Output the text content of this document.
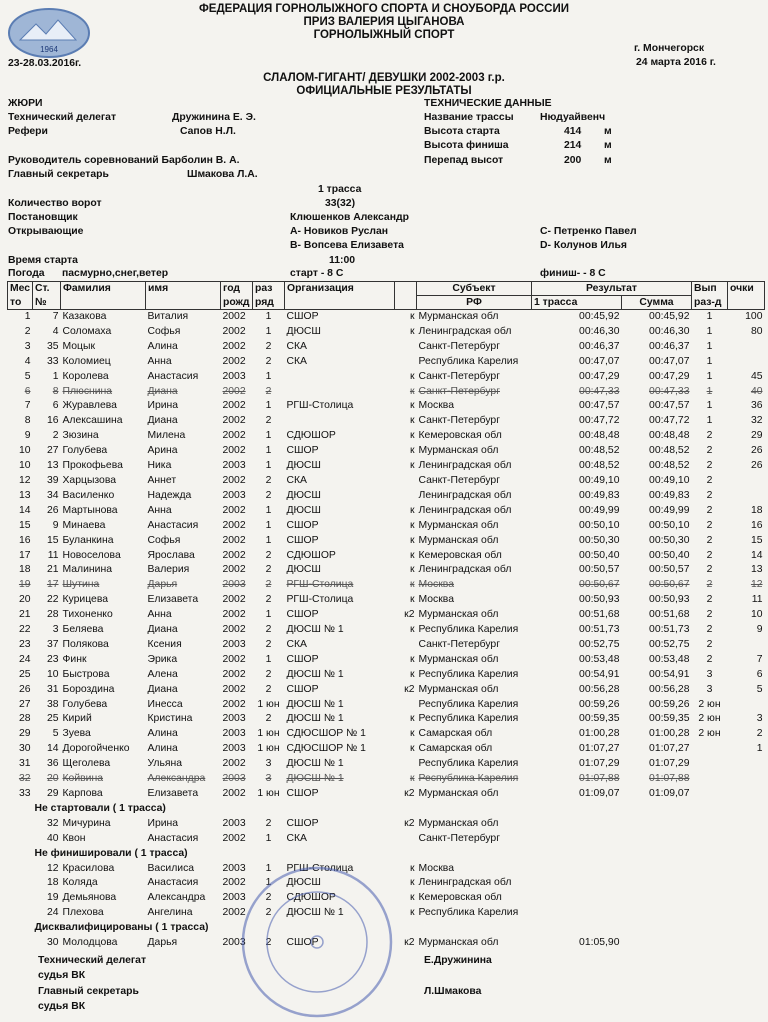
1964
ФЕДЕРАЦИЯ ГОРНОЛЫЖНОГО СПОРТА И СНОУБОРДА РОССИИ
ПРИЗ ВАЛЕРИЯ ЦЫГАНОВА
ГОРНОЛЫЖНЫЙ СПОРТ
23-28.03.2016г.
г. Мончегорск
24 марта 2016 г.
СЛАЛОМ-ГИГАНТ/ ДЕВУШКИ 2002-2003 г.р.
ОФИЦИАЛЬНЫЕ РЕЗУЛЬТАТЫ
ЖЮРИ
Технический делегат	Дружинина Е. Э.
Рефери	Сапов Н.Л.
Руководитель соревнований Барболин В. А.
Главный секретарь	Шмакова Л.А.
ТЕХНИЧЕСКИЕ ДАННЫЕ
Название трассы	Нюдуайвенч
Высота старта	414 м
Высота финиша	214 м
Перепад высот	200 м
1 трасса
Количество ворот	33(32)
Постановщик	Клюшенков Александр
Открывающие	А- Новиков Руслан	С- Петренко Павел
В- Вопсева Елизавета	D- Колунов Илья
Время старта	11:00
Погода пасмурно,снег,ветер	старт - 8 С	финиш- - 8 С
Мес	Ст.	Фамилия	имя	год	раз	Организация		Субъект	Результат		Вып	очки
то	№			рожд	ряд			РФ	1 трасса	Сумма	раз-д	
1	7	Казакова	Виталия	2002	1	СШОР	к	Мурманская обл	00:45,92	00:45,92	1	100
2	4	Соломаха	Софья	2002	1	ДЮСШ	к	Ленинградская обл	00:46,30	00:46,30	1	80
3	35	Моцык	Алина	2002	2	СКА		Санкт-Петербург	00:46,37	00:46,37	1	
4	33	Коломиец	Анна	2002	2	СКА		Республика Карелия	00:47,07	00:47,07	1	
5	1	Королева	Анастасия	2003	1		к	Санкт-Петербург	00:47,29	00:47,29	1	45
6	8	Плюснина	Диана	2002	2		к	Санкт-Петербург	00:47,33	00:47,33	1	40
7	6	Журавлева	Ирина	2002	1	РГШ-Столица	к	Москва	00:47,57	00:47,57	1	36
8	16	Алексашина	Диана	2002	2		к	Санкт-Петербург	00:47,72	00:47,72	1	32
9	2	Зюзина	Милена	2002	1	СДЮШОР	к	Кемеровская обл	00:48,48	00:48,48	2	29
10	27	Голубева	Арина	2002	1	СШОР	к	Мурманская обл	00:48,52	00:48,52	2	26
10	13	Прокофьева	Ника	2003	1	ДЮСШ	к	Ленинградская обл	00:48,52	00:48,52	2	26
12	39	Харцызова	Аннет	2002	2	СКА		Санкт-Петербург	00:49,10	00:49,10	2	
13	34	Василенко	Надежда	2003	2	ДЮСШ		Ленинградская обл	00:49,83	00:49,83	2	
14	26	Мартынова	Анна	2002	1	ДЮСШ	к	Ленинградская обл	00:49,99	00:49,99	2	18
15	9	Минаева	Анастасия	2002	1	СШОР	к	Мурманская обл	00:50,10	00:50,10	2	16
16	15	Буланкина	Софья	2002	1	СШОР	к	Мурманская обл	00:50,30	00:50,30	2	15
17	11	Новоселова	Ярослава	2002	2	СДЮШОР	к	Кемеровская обл	00:50,40	00:50,40	2	14
18	21	Малинина	Валерия	2002	2	ДЮСШ	к	Ленинградская обл	00:50,57	00:50,57	2	13
19	17	Шутина	Дарья	2003	2	РГШ-Столица	к	Москва	00:50,67	00:50,67	2	12
20	22	Курицева	Елизавета	2002	2	РГШ-Столица	к	Москва	00:50,93	00:50,93	2	11
21	28	Тихоненко	Анна	2002	1	СШОР	к2	Мурманская обл	00:51,68	00:51,68	2	10
22	3	Беляева	Диана	2002	2	ДЮСШ № 1	к	Республика Карелия	00:51,73	00:51,73	2	9
23	37	Полякова	Ксения	2003	2	СКА		Санкт-Петербург	00:52,75	00:52,75	2	
24	23	Финк	Эрика	2002	1	СШОР	к	Мурманская обл	00:53,48	00:53,48	2	7
25	10	Быстрова	Алена	2002	2	ДЮСШ № 1	к	Республика Карелия	00:54,91	00:54,91	3	6
26	31	Бороздина	Диана	2002	2	СШОР	к2	Мурманская обл	00:56,28	00:56,28	3	5
27	38	Голубева	Инесса	2002	1 юн	ДЮСШ № 1		Республика Карелия	00:59,26	00:59,26	2 юн	
28	25	Кирий	Кристина	2003	2	ДЮСШ № 1	к	Республика Карелия	00:59,35	00:59,35	2 юн	3
29	5	Зуева	Алина	2003	1 юн	СДЮСШОР № 1	к	Самарская обл	01:00,28	01:00,28	2 юн	2
30	14	Дорогойченко	Алина	2003	1 юн	СДЮСШОР № 1	к	Самарская обл	01:07,27	01:07,27		1
31	36	Щеголева	Ульяна	2002	3	ДЮСШ № 1		Республика Карелия	01:07,29	01:07,29		
32	20	Койвина	Александра	2003	3	ДЮСШ № 1	к	Республика Карелия	01:07,88	01:07,88		
33	29	Карпова	Елизавета	2002	1 юн	СШОР	к2	Мурманская обл	01:09,07	01:09,07		
	Не стартовали ( 1 трасса)											
	32	Мичурина	Ирина	2003	2	СШОР	к2	Мурманская обл				
	40	Квон	Анастасия	2002	1	СКА		Санкт-Петербург				
	Не финишировали ( 1 трасса)											
	12	Красилова	Василиса	2003	1	РГШ-Столица	к	Москва				
	18	Коляда	Анастасия	2002	1	ДЮСШ	к	Ленинградская обл				
	19	Демьянова	Александра	2003	2	СДЮШОР	к	Кемеровская обл				
	24	Плехова	Ангелина	2002	2	ДЮСШ № 1	к	Республика Карелия				
	Дисквалифицированы ( 1 трасса)											
	30	Молодцова	Дарья	2003	2	СШОР	к2	Мурманская обл	01:05,90			
Технический делегат
судья ВК
Е.Дружинина
Главный секретарь
судья ВК
Л.Шмакова
